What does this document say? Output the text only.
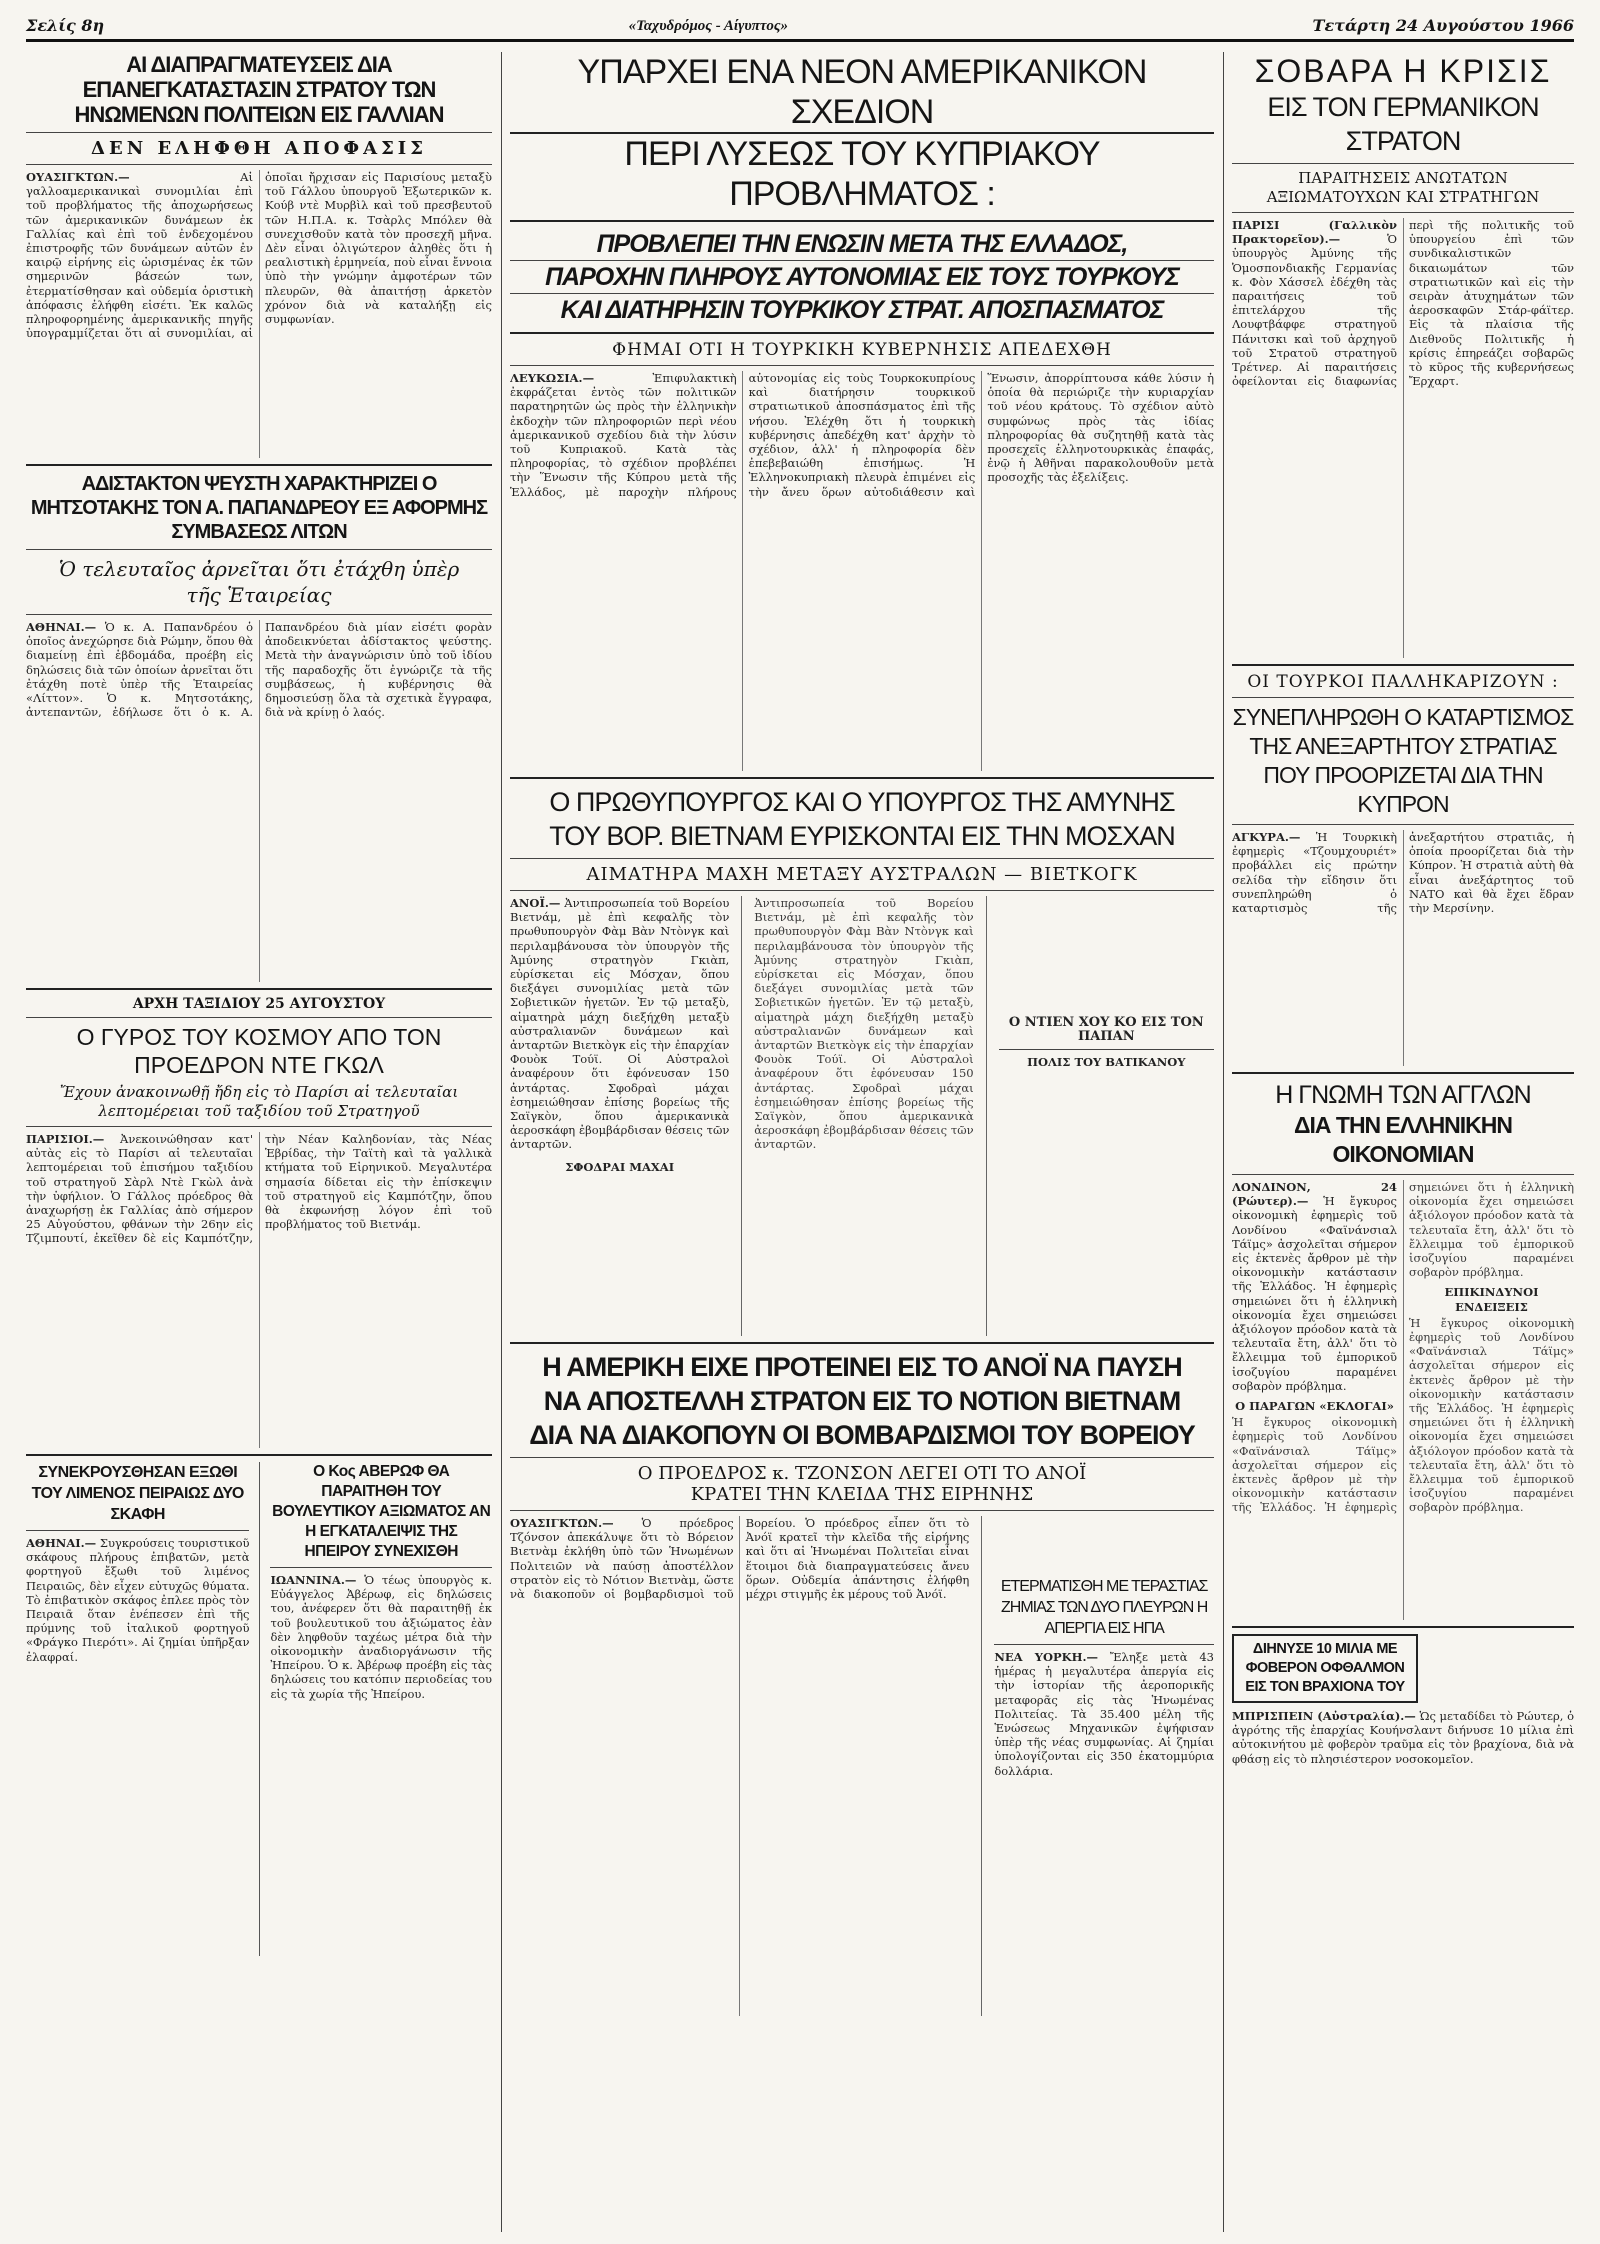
Σελίς 8η	«Ταχυδρόμος - Αίγυπτος»	Τετάρτη 24 Αυγούστου 1966
ΑΙ ΔΙΑΠΡΑΓΜΑΤΕΥΣΕΙΣ ΔΙΑ ΕΠΑΝΕΓΚΑΤΑΣΤΑΣΙΝ ΣΤΡΑΤΟΥ ΤΩΝ ΗΝΩΜΕΝΩΝ ΠΟΛΙΤΕΙΩΝ ΕΙΣ ΓΑΛΛΙΑΝ
ΔΕΝ ΕΛΗΦΘΗ ΑΠΟΦΑΣΙΣ
ΟΥΑΣΙΓΚΤΩΝ.—	Αἱ γαλλοαμερικανικαὶ συνομιλίαι ἐπὶ τοῦ προβλήματος τῆς ἀποχωρήσεως τῶν ἀμερικανικῶν δυνάμεων ἐκ Γαλλίας καὶ ἐπὶ τοῦ ἐνδεχομένου ἐπιστροφῆς τῶν δυνάμεων αὐτῶν ἐν καιρῷ εἰρήνης εἰς ὡρισμένας ἐκ τῶν σημερινῶν βάσεών των, ἐτερματίσθησαν καὶ οὐδεμία ὁριστικὴ ἀπόφασις ἐλήφθη εἰσέτι. Ἐκ καλῶς πληροφορημένης ἀμερικανικῆς πηγῆς ὑπογραμμίζεται ὅτι αἱ συνομιλίαι, αἱ ὁποῖαι ἤρχισαν εἰς Παρισίους μεταξὺ τοῦ Γάλλου ὑπουργοῦ Ἐξωτερικῶν κ. Κούβ ντὲ Μυρβὶλ καὶ τοῦ πρεσβευτοῦ τῶν Η.Π.Α. κ. Τσὰρλς Μπόλεν θὰ συνεχισθοῦν κατὰ τὸν προσεχῆ μῆνα. Δὲν εἶναι ὀλιγώτερον ἀληθὲς ὅτι ἡ ρεαλιστικὴ ἑρμηνεία, ποὺ εἶναι ἔννοια ὑπὸ τὴν γνώμην ἀμφοτέρων τῶν πλευρῶν, θὰ ἀπαιτήσῃ ἀρκετὸν χρόνον διὰ νὰ καταλήξῃ εἰς συμφωνίαν.
ΑΔΙΣΤΑΚΤΟΝ ΨΕΥΣΤΗ ΧΑΡΑΚΤΗΡΙΖΕΙ Ο ΜΗΤΣΟΤΑΚΗΣ ΤΟΝ Α. ΠΑΠΑΝΔΡΕΟΥ ΕΞ ΑΦΟΡΜΗΣ ΣΥΜΒΑΣΕΩΣ ΛΙΤΩΝ
Ὁ τελευταῖος ἀρνεῖται ὅτι ἐτάχθη ὑπὲρ τῆς Ἑταιρείας
ΑΘΗΝΑΙ.— Ὁ κ. Α. Παπανδρέου ὁ ὁποῖος ἀνεχώρησε διὰ Ρώμην, ὅπου θὰ διαμείνῃ ἐπὶ ἑβδομάδα, προέβη εἰς δηλώσεις διὰ τῶν ὁποίων ἀρνεῖται ὅτι ἐτάχθη ποτὲ ὑπὲρ τῆς Ἑταιρείας «Λίττον». Ὁ κ. Μητσοτάκης, ἀντεπαντῶν, ἐδήλωσε ὅτι ὁ κ. Α. Παπανδρέου διὰ μίαν εἰσέτι φορὰν ἀποδεικνύεται ἀδίστακτος ψεύστης. Μετὰ τὴν ἀναγνώρισιν ὑπὸ τοῦ ἰδίου τῆς παραδοχῆς ὅτι ἐγνώριζε τὰ τῆς συμβάσεως, ἡ κυβέρνησις θὰ δημοσιεύσῃ ὅλα τὰ σχετικὰ ἔγγραφα, διὰ νὰ κρίνῃ ὁ λαός.
ΑΡΧΗ ΤΑΞΙΔΙΟΥ 25 ΑΥΓΟΥΣΤΟΥ
Ο ΓΥΡΟΣ ΤΟΥ ΚΟΣΜΟΥ ΑΠΟ ΤΟΝ ΠΡΟΕΔΡΟΝ ΝΤΕ ΓΚΩΛ
Ἔχουν ἀνακοινωθῇ ἤδη εἰς τὸ Παρίσι αἱ τελευταῖαι λεπτομέρειαι τοῦ ταξιδίου τοῦ Στρατηγοῦ
ΠΑΡΙΣΙΟΙ.— Ἀνεκοινώθησαν κατ' αὐτὰς εἰς τὸ Παρίσι αἱ τελευταῖαι λεπτομέρειαι τοῦ ἐπισήμου ταξιδίου τοῦ στρατηγοῦ Σὰρλ Ντὲ Γκὼλ ἀνὰ τὴν ὑφήλιον. Ὁ Γάλλος πρόεδρος θὰ ἀναχωρήσῃ ἐκ Γαλλίας ἀπὸ σήμερον 25 Αὐγούστου, φθάνων τὴν 26ην εἰς Τζιμπουτί, ἐκεῖθεν δὲ εἰς Καμπότζην, τὴν Νέαν Καληδονίαν, τὰς Νέας Ἑβρίδας, τὴν Ταϊτὴ καὶ τὰ γαλλικὰ κτήματα τοῦ Εἰρηνικοῦ. Μεγαλυτέρα σημασία δίδεται εἰς τὴν ἐπίσκεψιν τοῦ στρατηγοῦ εἰς Καμπότζην, ὅπου θὰ ἐκφωνήσῃ λόγον ἐπὶ τοῦ προβλήματος τοῦ Βιετνάμ.
ΣΥΝΕΚΡΟΥΣΘΗΣΑΝ ΕΞΩΘΙ ΤΟΥ ΛΙΜΕΝΟΣ ΠΕΙΡΑΙΩΣ ΔΥΟ ΣΚΑΦΗ
ΑΘΗΝΑΙ.— Συγκρούσεις τουριστικοῦ σκάφους πλήρους ἐπιβατῶν, μετὰ φορτηγοῦ ἔξωθι τοῦ λιμένος Πειραιῶς, δὲν εἶχεν εὐτυχῶς θύματα. Τὸ ἐπιβατικὸν σκάφος ἐπλεε πρὸς τὸν Πειραιᾶ ὅταν ἐνέπεσεν ἐπὶ τῆς πρύμνης τοῦ ἰταλικοῦ φορτηγοῦ «Φράγκο Πιερότι». Αἱ ζημίαι ὑπῆρξαν ἐλαφραί.
Ο Κος ΑΒΕΡΩΦ ΘΑ ΠΑΡΑΙΤΗΘΗ ΤΟΥ ΒΟΥΛΕΥΤΙΚΟΥ ΑΞΙΩΜΑΤΟΣ ΑΝ Η ΕΓΚΑΤΑΛΕΙΨΙΣ ΤΗΣ ΗΠΕΙΡΟΥ ΣΥΝΕΧΙΣΘΗ
ΙΩΑΝΝΙΝΑ.— Ὁ τέως ὑπουργὸς κ. Εὐάγγελος Ἀβέρωφ, εἰς δηλώσεις του, ἀνέφερεν ὅτι θὰ παραιτηθῇ ἐκ τοῦ βουλευτικοῦ του ἀξιώματος ἐὰν δὲν ληφθοῦν ταχέως μέτρα διὰ τὴν οἰκονομικὴν ἀναδιοργάνωσιν τῆς Ἠπείρου. Ὁ κ. Ἀβέρωφ προέβη εἰς τὰς δηλώσεις του κατόπιν περιοδείας του εἰς τὰ χωρία τῆς Ἠπείρου.
ΥΠΑΡΧΕΙ ΕΝΑ ΝΕΟΝ ΑΜΕΡΙΚΑΝΙΚΟΝ ΣΧΕΔΙΟΝ
ΠΕΡΙ ΛΥΣΕΩΣ ΤΟΥ ΚΥΠΡΙΑΚΟΥ ΠΡΟΒΛΗΜΑΤΟΣ :
ΠΡΟΒΛΕΠΕΙ ΤΗΝ ΕΝΩΣΙΝ ΜΕΤΑ ΤΗΣ ΕΛΛΑΔΟΣ,
ΠΑΡΟΧΗΝ ΠΛΗΡΟΥΣ ΑΥΤΟΝΟΜΙΑΣ ΕΙΣ ΤΟΥΣ ΤΟΥΡΚΟΥΣ
ΚΑΙ ΔΙΑΤΗΡΗΣΙΝ ΤΟΥΡΚΙΚΟΥ ΣΤΡΑΤ. ΑΠΟΣΠΑΣΜΑΤΟΣ
ΦΗΜΑΙ ΟΤΙ Η ΤΟΥΡΚΙΚΗ ΚΥΒΕΡΝΗΣΙΣ ΑΠΕΔΕΧΘΗ
ΛΕΥΚΩΣΙΑ.—	Ἐπιφυλακτικὴ ἐκφράζεται ἐντὸς τῶν πολιτικῶν παρατηρητῶν ὡς πρὸς τὴν ἑλληνικὴν ἐκδοχὴν τῶν πληροφοριῶν περὶ νέου ἀμερικανικοῦ σχεδίου διὰ τὴν λύσιν τοῦ Κυπριακοῦ. Κατὰ τὰς πληροφορίας, τὸ σχέδιον προβλέπει τὴν Ἕνωσιν τῆς Κύπρου μετὰ τῆς Ἑλλάδος, μὲ παροχὴν πλήρους αὐτονομίας εἰς τοὺς Τουρκοκυπρίους καὶ διατήρησιν τουρκικοῦ στρατιωτικοῦ ἀποσπάσματος ἐπὶ τῆς νήσου. Ἐλέχθη ὅτι ἡ τουρκικὴ κυβέρνησις ἀπεδέχθη κατ' ἀρχὴν τὸ σχέδιον, ἀλλ' ἡ πληροφορία δὲν ἐπεβεβαιώθη ἐπισήμως. Ἡ Ἑλληνοκυπριακὴ πλευρὰ ἐπιμένει εἰς τὴν ἄνευ ὅρων αὐτοδιάθεσιν καὶ Ἕνωσιν, ἀπορρίπτουσα κάθε λύσιν ἡ ὁποία θὰ περιώριζε τὴν κυριαρχίαν τοῦ νέου κράτους. Τὸ σχέδιον αὐτὸ συμφώνως πρὸς τὰς ἰδίας πληροφορίας θὰ συζητηθῇ κατὰ τὰς προσεχεῖς ἑλληνοτουρκικὰς ἐπαφάς, ἐνῷ ἡ Ἀθῆναι παρακολουθοῦν μετὰ προσοχῆς τὰς ἐξελίξεις.
Ο ΠΡΩΘΥΠΟΥΡΓΟΣ ΚΑΙ Ο ΥΠΟΥΡΓΟΣ ΤΗΣ ΑΜΥΝΗΣ
ΤΟΥ ΒΟΡ. ΒΙΕΤΝΑΜ ΕΥΡΙΣΚΟΝΤΑΙ ΕΙΣ ΤΗΝ ΜΟΣΧΑΝ
ΑΙΜΑΤΗΡΑ ΜΑΧΗ ΜΕΤΑΞΥ ΑΥΣΤΡΑΛΩΝ — ΒΙΕΤΚΟΓΚ
ΑΝΟΪ.— Ἀντιπροσωπεία τοῦ Βορείου Βιετνάμ, μὲ ἐπὶ κεφαλῆς τὸν πρωθυπουργὸν Φὰμ Βὰν Ντὸνγκ καὶ περιλαμβάνουσα τὸν ὑπουργὸν τῆς Ἀμύνης στρατηγὸν Γκιὰπ, εὑρίσκεται εἰς Μόσχαν, ὅπου διεξάγει συνομιλίας μετὰ τῶν Σοβιετικῶν ἡγετῶν. Ἐν τῷ μεταξὺ, αἱματηρὰ μάχη διεξήχθη μεταξὺ αὐστραλιανῶν δυνάμεων καὶ ἀνταρτῶν Βιετκὸγκ εἰς τὴν ἐπαρχίαν Φουὸκ Τούϊ. Οἱ Αὐστραλοὶ ἀναφέρουν ὅτι ἐφόνευσαν 150 ἀντάρτας. Σφοδραὶ μάχαι ἐσημειώθησαν ἐπίσης βορείως τῆς Σαϊγκὸν, ὅπου ἀμερικανικὰ ἀεροσκάφη ἐβομβάρδισαν θέσεις τῶν ἀνταρτῶν.
ΣΦΟΔΡΑΙ ΜΑΧΑΙ
Ἀντιπροσωπεία τοῦ Βορείου Βιετνάμ, μὲ ἐπὶ κεφαλῆς τὸν πρωθυπουργὸν Φὰμ Βὰν Ντὸνγκ καὶ περιλαμβάνουσα τὸν ὑπουργὸν τῆς Ἀμύνης στρατηγὸν Γκιὰπ, εὑρίσκεται εἰς Μόσχαν, ὅπου διεξάγει συνομιλίας μετὰ τῶν Σοβιετικῶν ἡγετῶν. Ἐν τῷ μεταξὺ, αἱματηρὰ μάχη διεξήχθη μεταξὺ αὐστραλιανῶν δυνάμεων καὶ ἀνταρτῶν Βιετκὸγκ εἰς τὴν ἐπαρχίαν Φουὸκ Τούϊ. Οἱ Αὐστραλοὶ ἀναφέρουν ὅτι ἐφόνευσαν 150 ἀντάρτας. Σφοδραὶ μάχαι ἐσημειώθησαν ἐπίσης βορείως τῆς Σαϊγκὸν, ὅπου ἀμερικανικὰ ἀεροσκάφη ἐβομβάρδισαν θέσεις τῶν ἀνταρτῶν.
Ο ΝΤΙΕΝ ΧΟΥ ΚΟ ΕΙΣ ΤΟΝ ΠΑΠΑΝ
ΠΟΛΙΣ ΤΟΥ ΒΑΤΙΚΑΝΟΥ
Η ΑΜΕΡΙΚΗ ΕΙΧΕ ΠΡΟΤΕΙΝΕΙ ΕΙΣ ΤΟ ΑΝΟΪ ΝΑ ΠΑΥΣΗ
ΝΑ ΑΠΟΣΤΕΛΛΗ ΣΤΡΑΤΟΝ ΕΙΣ ΤΟ ΝΟΤΙΟΝ ΒΙΕΤΝΑΜ
ΔΙΑ ΝΑ ΔΙΑΚΟΠΟΥΝ ΟΙ ΒΟΜΒΑΡΔΙΣΜΟΙ ΤΟΥ ΒΟΡΕΙΟΥ
Ο ΠΡΟΕΔΡΟΣ κ. ΤΖΟΝΣΟΝ ΛΕΓΕΙ ΟΤΙ ΤΟ ΑΝΟΪ
ΚΡΑΤΕΙ ΤΗΝ ΚΛΕΙΔΑ ΤΗΣ ΕΙΡΗΝΗΣ
ΟΥΑΣΙΓΚΤΩΝ.— Ὁ πρόεδρος Τζόνσον ἀπεκάλυψε ὅτι τὸ Βόρειον Βιετνὰμ ἐκλήθη ὑπὸ τῶν Ἡνωμένων Πολιτειῶν νὰ παύσῃ ἀποστέλλον στρατὸν εἰς τὸ Νότιον Βιετνὰμ, ὥστε νὰ διακοποῦν οἱ βομβαρδισμοὶ τοῦ Βορείου. Ὁ πρόεδρος εἶπεν ὅτι τὸ Ἀνόϊ κρατεῖ τὴν κλεῖδα τῆς εἰρήνης καὶ ὅτι αἱ Ἡνωμέναι Πολιτεῖαι εἶναι ἕτοιμοι διὰ διαπραγματεύσεις ἄνευ ὅρων. Οὐδεμία ἀπάντησις ἐλήφθη μέχρι στιγμῆς ἐκ μέρους τοῦ Ἀνόϊ.	ΕΤΕΡΜΑΤΙΣΘΗ ΜΕ ΤΕΡΑΣΤΙΑΣ ΖΗΜΙΑΣ ΤΩΝ ΔΥΟ ΠΛΕΥΡΩΝ Η ΑΠΕΡΓΙΑ ΕΙΣ ΗΠΑ
ΝΕΑ ΥΟΡΚΗ.— Ἔληξε μετὰ 43 ἡμέρας ἡ μεγαλυτέρα ἀπεργία εἰς τὴν ἱστορίαν τῆς ἀεροπορικῆς μεταφορᾶς εἰς τὰς Ἡνωμένας Πολιτείας. Τὰ 35.400 μέλη τῆς Ἑνώσεως Μηχανικῶν ἐψήφισαν ὑπὲρ τῆς νέας συμφωνίας. Αἱ ζημίαι ὑπολογίζονται εἰς 350 ἑκατομμύρια δολλάρια.
ΣΟΒΑΡΑ Η ΚΡΙΣΙΣ
ΕΙΣ ΤΟΝ ΓΕΡΜΑΝΙΚΟΝ ΣΤΡΑΤΟΝ
ΠΑΡΑΙΤΗΣΕΙΣ ΑΝΩΤΑΤΩΝ ΑΞΙΩΜΑΤΟΥΧΩΝ ΚΑΙ ΣΤΡΑΤΗΓΩΝ
ΠΑΡΙΣΙ (Γαλλικὸν Πρακτορεῖον).—	Ὁ ὑπουργὸς Ἀμύνης τῆς Ὁμοσπονδιακῆς Γερμανίας κ. Φὸν Χάσσελ ἐδέχθη τὰς παραιτήσεις τοῦ ἐπιτελάρχου τῆς Λουφτβάφφε στρατηγοῦ Πάνιτσκι καὶ τοῦ ἀρχηγοῦ τοῦ Στρατοῦ στρατηγοῦ Τρέτνερ. Αἱ παραιτήσεις ὀφείλονται εἰς διαφωνίας περὶ τῆς πολιτικῆς τοῦ ὑπουργείου ἐπὶ τῶν συνδικαλιστικῶν δικαιωμάτων τῶν στρατιωτικῶν καὶ εἰς τὴν σειρὰν ἀτυχημάτων τῶν ἀεροσκαφῶν Στάρ-φάϊτερ. Εἰς τὰ πλαίσια τῆς Διεθνοῦς Πολιτικῆς ἡ κρίσις ἐπηρεάζει σοβαρῶς τὸ κῦρος τῆς κυβερνήσεως Ἔρχαρτ.
ΟΙ ΤΟΥΡΚΟΙ ΠΑΛΛΗΚΑΡΙΖΟΥΝ :
ΣΥΝΕΠΛΗΡΩΘΗ Ο ΚΑΤΑΡΤΙΣΜΟΣ
ΤΗΣ ΑΝΕΞΑΡΤΗΤΟΥ ΣΤΡΑΤΙΑΣ
ΠΟΥ ΠΡΟΟΡΙΖΕΤΑΙ ΔΙΑ ΤΗΝ ΚΥΠΡΟΝ
ΑΓΚΥΡΑ.— Ἡ Τουρκικὴ ἐφημερὶς «Τζουμχουριέτ» προβάλλει εἰς πρώτην σελίδα τὴν εἴδησιν ὅτι συνεπληρώθη ὁ καταρτισμὸς τῆς ἀνεξαρτήτου στρατιᾶς, ἡ ὁποία προορίζεται διὰ τὴν Κύπρον. Ἡ στρατιὰ αὐτὴ θὰ εἶναι ἀνεξάρτητος τοῦ ΝΑΤΟ καὶ θὰ ἔχει ἕδραν τὴν Μερσίνην.
Η ΓΝΩΜΗ ΤΩΝ ΑΓΓΛΩΝ
ΔΙΑ ΤΗΝ ΕΛΛΗΝΙΚΗΝ ΟΙΚΟΝΟΜΙΑΝ
ΛΟΝΔΙΝΟΝ, 24 (Ρώυτερ).— Ἡ ἔγκυρος οἰκονομικὴ ἐφημερὶς τοῦ Λονδίνου «Φαϊνάνσιαλ Τάϊμς» ἀσχολεῖται σήμερον εἰς ἐκτενὲς ἄρθρον μὲ τὴν οἰκονομικὴν κατάστασιν τῆς Ἑλλάδος. Ἡ ἐφημερὶς σημειώνει ὅτι ἡ ἑλληνικὴ οἰκονομία ἔχει σημειώσει ἀξιόλογον πρόοδον κατὰ τὰ τελευταῖα ἔτη, ἀλλ' ὅτι τὸ ἔλλειμμα τοῦ ἐμπορικοῦ ἰσοζυγίου παραμένει σοβαρὸν πρόβλημα.
Ο ΠΑΡΑΓΩΝ «ΕΚΛΟΓΑΙ»
Ἡ ἔγκυρος οἰκονομικὴ ἐφημερὶς τοῦ Λονδίνου «Φαϊνάνσιαλ Τάϊμς» ἀσχολεῖται σήμερον εἰς ἐκτενὲς ἄρθρον μὲ τὴν οἰκονομικὴν κατάστασιν τῆς Ἑλλάδος. Ἡ ἐφημερὶς σημειώνει ὅτι ἡ ἑλληνικὴ οἰκονομία ἔχει σημειώσει ἀξιόλογον πρόοδον κατὰ τὰ τελευταῖα ἔτη, ἀλλ' ὅτι τὸ ἔλλειμμα τοῦ ἐμπορικοῦ ἰσοζυγίου παραμένει σοβαρὸν πρόβλημα.
ΕΠΙΚΙΝΔΥΝΟΙ ΕΝΔΕΙΞΕΙΣ
Ἡ ἔγκυρος οἰκονομικὴ ἐφημερὶς τοῦ Λονδίνου «Φαϊνάνσιαλ Τάϊμς» ἀσχολεῖται σήμερον εἰς ἐκτενὲς ἄρθρον μὲ τὴν οἰκονομικὴν κατάστασιν τῆς Ἑλλάδος. Ἡ ἐφημερὶς σημειώνει ὅτι ἡ ἑλληνικὴ οἰκονομία ἔχει σημειώσει ἀξιόλογον πρόοδον κατὰ τὰ τελευταῖα ἔτη, ἀλλ' ὅτι τὸ ἔλλειμμα τοῦ ἐμπορικοῦ ἰσοζυγίου παραμένει σοβαρὸν πρόβλημα.
ΔΙΗΝΥΣΕ 10 ΜΙΛΙΑ ΜΕ ΦΟΒΕΡΟΝ ΟΦΘΑΛΜΟΝ ΕΙΣ ΤΟΝ ΒΡΑΧΙΟΝΑ ΤΟΥ
ΜΠΡΙΣΠΕΙΝ (Αὐστραλία).— Ὡς μεταδίδει τὸ Ρώυτερ, ὁ ἀγρότης τῆς ἐπαρχίας Κουήνσλαντ διήνυσε 10 μίλια ἐπὶ αὐτοκινήτου μὲ φοβερὸν τραῦμα εἰς τὸν βραχίονα, διὰ νὰ φθάσῃ εἰς τὸ πλησιέστερον νοσοκομεῖον.
